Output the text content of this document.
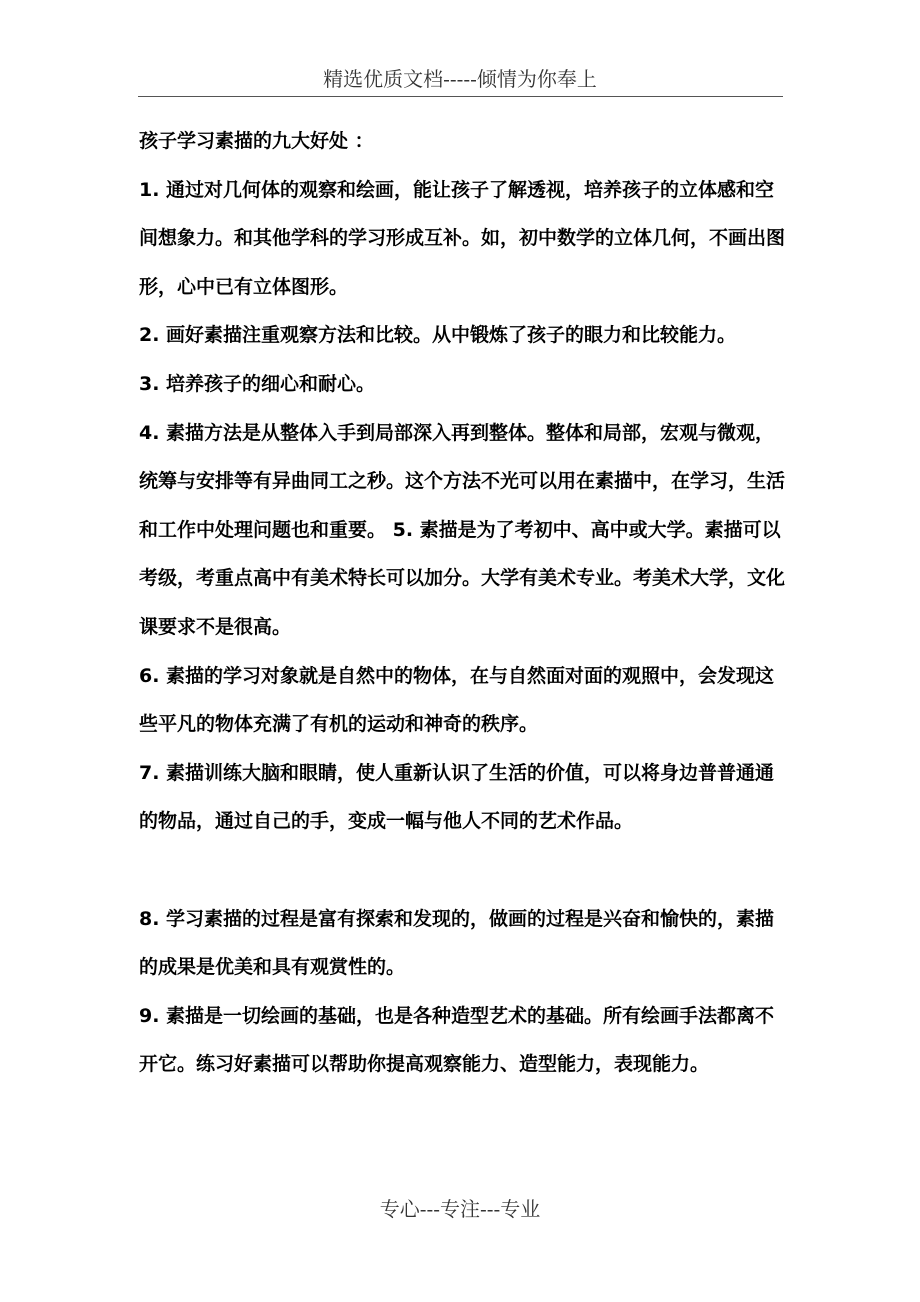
精选优质文档-----倾情为你奉上

孩子学习素描的九大好处 ：

1. 通过对几何体的观察和绘画，能让孩子了解透视，培养孩子的立体感和空间想象力。和其他学科的学习形成互补。如，初中数学的立体几何，不画出图形，心中已有立体图形。

2. 画好素描注重观察方法和比较。从中锻炼了孩子的眼力和比较能力。

3. 培养孩子的细心和耐心。

4. 素描方法是从整体入手到局部深入再到整体。整体和局部，宏观与微观，统筹与安排等有异曲同工之秒。这个方法不光可以用在素描中，在学习，生活和工作中处理问题也和重要。 5. 素描是为了考初中、高中或大学。素描可以考级，考重点高中有美术特长可以加分。大学有美术专业。考美术大学，文化课要求不是很高。

6. 素描的学习对象就是自然中的物体，在与自然面对面的观照中，会发现这些平凡的物体充满了有机的运动和神奇的秩序。

7. 素描训练大脑和眼睛，使人重新认识了生活的价值，可以将身边普普通通的物品，通过自己的手，变成一幅与他人不同的艺术作品。

8. 学习素描的过程是富有探索和发现的，做画的过程是兴奋和愉快的，素描的成果是优美和具有观赏性的。

9. 素描是一切绘画的基础，也是各种造型艺术的基础。所有绘画手法都离不开它。练习好素描可以帮助你提高观察能力、造型能力，表现能力。

专心---专注---专业
